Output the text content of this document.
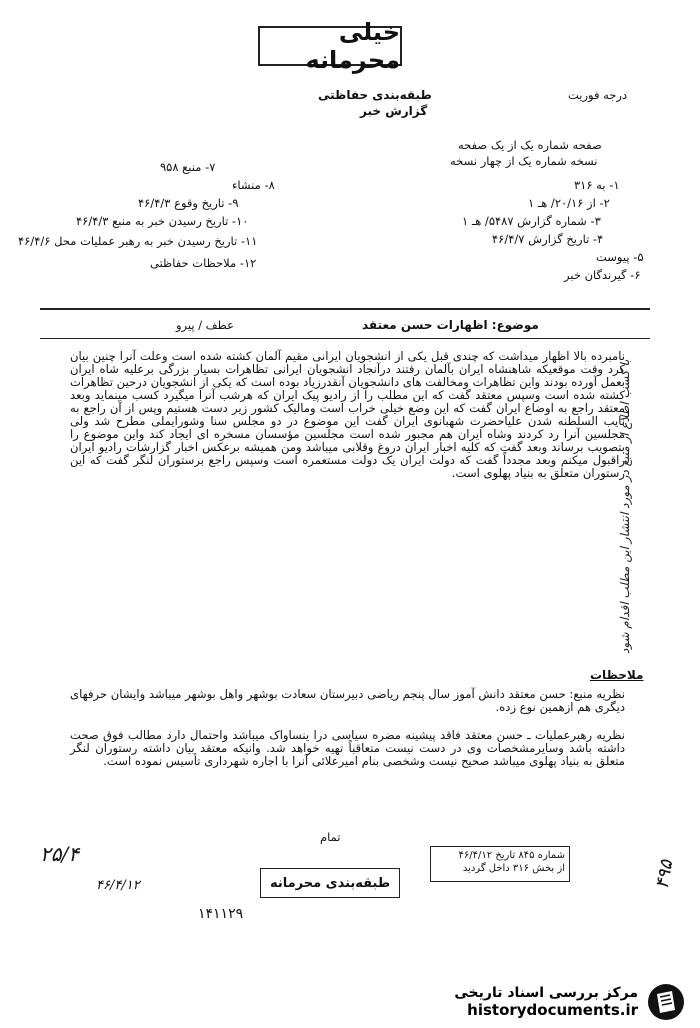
خیلی محرمانه
طبقه‌بندی حفاظتی
گزارش خبر
درجه فوریت
صفحه شماره یک از یک صفحه
نسخه شماره یک از چهار نسخه
۱- به ۳۱۶
۲- از ۲۰/۱۶/ هـ ۱
۳- شماره گزارش ۵۴۸۷/ هـ ۱
۴- تاریخ گزارش ۴۶/۴/۷
۵- پیوست
۶- گیرندگان خبر
۷- منبع ۹۵۸
۸- منشاء
۹- تاریخ وقوع ۴۶/۴/۳
۱۰- تاریخ رسیدن خبر به منبع ۴۶/۴/۳
۱۱- تاریخ رسیدن خبر به رهبر عملیات محل ۴۶/۴/۶
۱۲- ملاحظات حفاظتی
موضوع: اظهارات حسن معتقد
عطف / پیرو

نامبرده بالا اظهار میداشت که چندی قبل یکی از انشجویان ایرانی مقیم آلمان کشته شده است وعلت آنرا چنین بیان کرد وقت موقعیکه شاهنشاه ایران بآلمان رفتند درآنجاد انشجویان ایرانی تظاهرات بسیار بزرگی برعلیه شاه ایران بعمل آورده بودند واین تظاهرات ومخالفت های دانشجویان آنقدرزیاد بوده است که یکی از انشجویان درحین تظاهرات کشته شده است وسپس معتقد گفت که این مطلب را از رادیو پیک ایران که هرشب آنرا میگیرد کسب مینماید وبعد معتقد راجع به اوضاع ایران گفت که این وضع خیلی خراب است ومالیک کشور زیر دست هستیم وپس از آن راجع به نایب السلطنه شدن علیاحضرت شهبانوی ایران گفت این موضوع در دو مجلس سنا وشورایملی مطرح شد ولی مجلسین آنرا رد کردند وشاه ایران هم مجبور شده است مجلسین مؤسسان مسخره ای ایجاد کند واین موضوع را بتصویب برساند وبعد گفت که کلیه اخبار ایران دروغ وقلابی میباشد ومن همیشه برعکس اخبار گزارشات رادیو ایران راقبول میکنم وبعد مجدداً گفت که دولت ایران یک دولت مستعمره است وسپس راجع برستوران لنگر گفت که این رستوران متعلق به بنیاد پهلوی است.

ملاحظات

نظریه منبع: حسن معتقد دانش آموز سال پنجم ریاضی دبیرستان سعادت بوشهر واهل بوشهر میباشد وایشان حرفهای دیگری هم ازهمین نوع زده.

نظریه رهبرعملیات ـ حسن معتقد فاقد پیشینه مضره سیاسی درا ینساواک میباشد واحتمال دارد مطالب فوق صحت داشته باشد وسایرمشخصات وی در دست نیست متعاقباً تهیه خواهد شد. وانیکه معتقد بیان داشته رستوران لنگر متعلق به بنیاد پهلوی میباشد صحیح نیست وشخصی بنام امیرعلائی آنرا با اجاره شهرداری تأسیس نموده است.

تمام
با کسب اطلاع از منبع در مورد انتشار این مطلب اقدام شود
۴۹۵
۲۵/۴
۴۶/۴/۱۲
۱۴۱۱۲۹
طبقه‌بندی محرمانه
شماره ۸۴۵ تاریخ ۴۶/۴/۱۲
از بخش ۳۱۶ داخل گردید
مرکز بررسی اسناد تاریخی
historydocuments.ir
